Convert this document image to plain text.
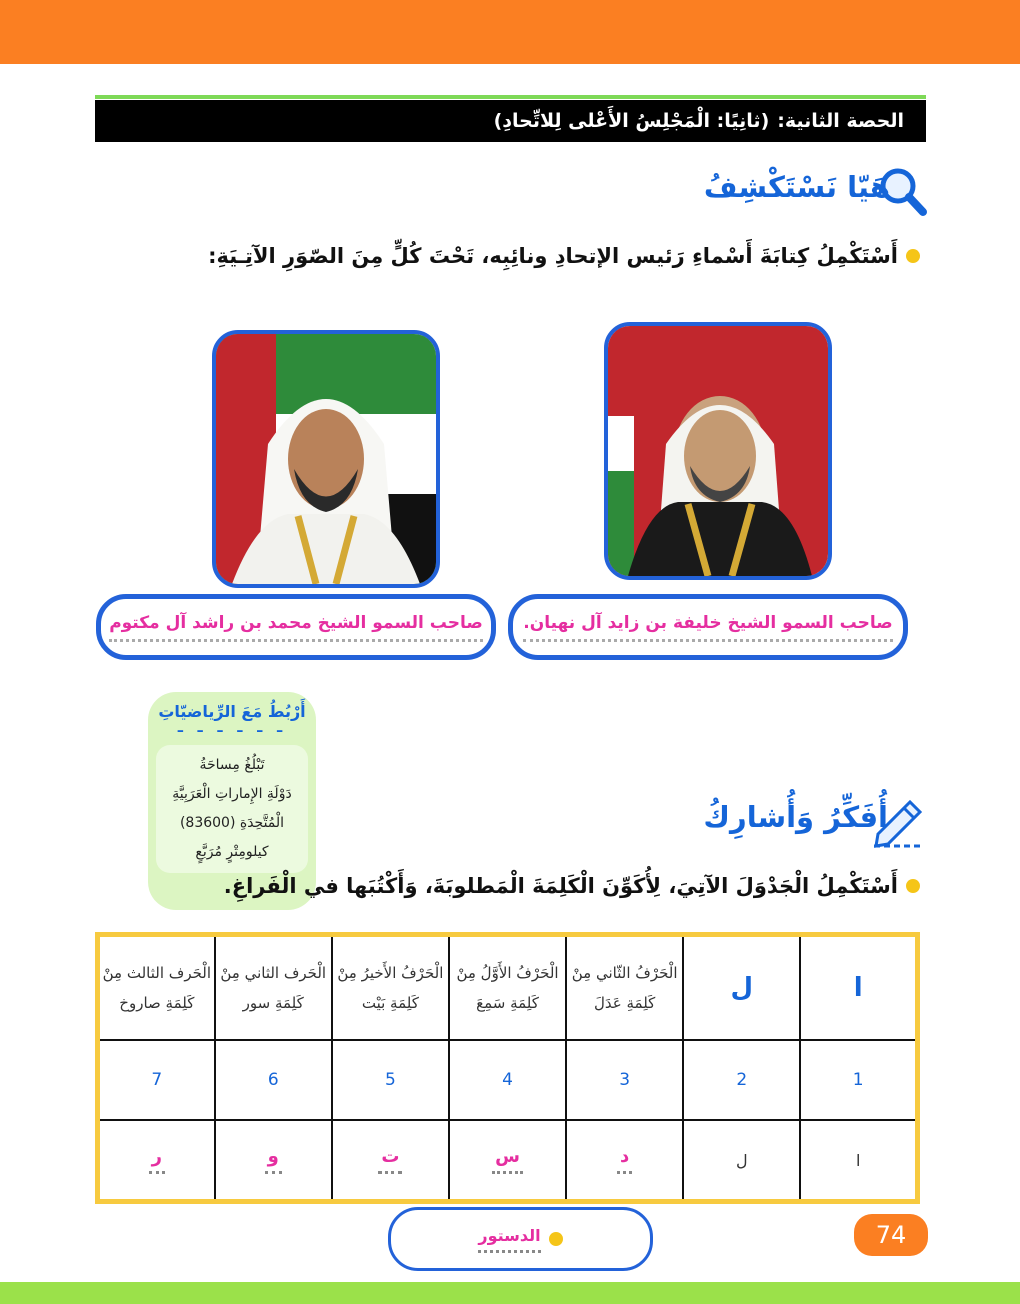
الحصة الثانية:
(ثانِيًا: الْمَجْلِسُ الأَعْلى لِلاتِّحادِ)
هَيّا نَسْتَكْشِفُ
أَسْتَكْمِلُ كِتابَةَ أَسْماءِ رَئيس الإتحادِ ونائِبِه، تَحْتَ كُلٍّ مِنَ الصّوَرِ الآتِـيَةِ:
صاحب السمو الشيخ خليفة بن زايد آل نهيان.
صاحب السمو الشيخ محمد بن راشد آل مكتوم
أَرْبُطُ مَعَ الرِّياضيّاتِ
– – – – – –
تَبْلُغُ مِساحَةُ
دَوْلَةِ الإِماراتِ الْعَرَبِيَّةِ
الْمُتَّحِدَةِ (83600)
كيلومِتْرٍ مُرَبَّعٍ
أُفَكِّرُ وَأُشارِكُ
أَسْتَكْمِلُ الْجَدْوَلَ الآتِيَ، لِأُكَوِّنَ الْكَلِمَةَ الْمَطلوبَةَ، وَأَكْتُبَها في الْفَراغِ.
ا	ل	الْحَرْفُ الثّاني مِنْ كَلِمَةِ عَدَلَ	الْحَرْفُ الأَوَّلُ مِنْ كَلِمَةِ سَمِعَ	الْحَرْفُ الأَخيرُ مِنْ كَلِمَةِ بَيْت	الْحَرف الثاني مِنْ كَلِمَةِ سور	الْحَرف الثالث مِنْ كَلِمَةِ صاروخ
1	2	3	4	5	6	7
ا	ل	د	س	ت	و	ر
الدستور	74
